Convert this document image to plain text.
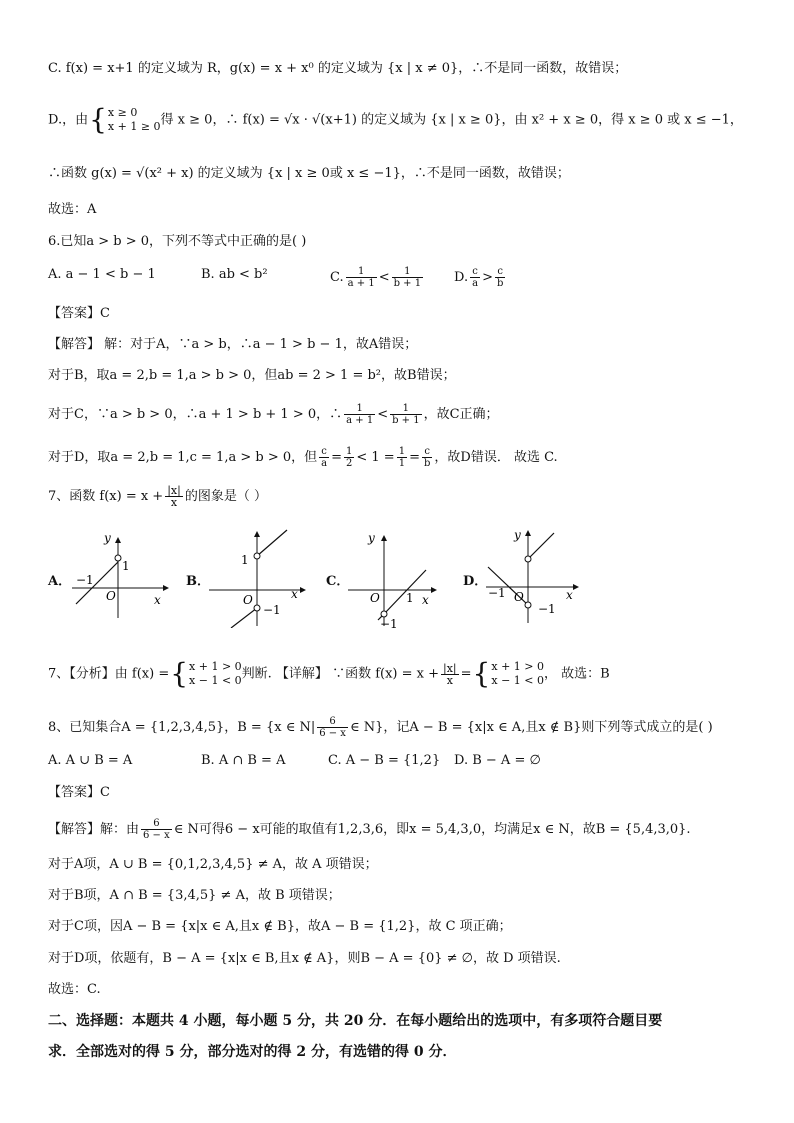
C. f(x) = x+1 的定义域为 R，g(x) = x + x⁰ 的定义域为 {x | x ≠ 0}，∴不是同一函数，故错误；
D.，由{ x ≥ 0
x + 1 ≥ 0 得 x ≥ 0，∴ f(x) = √x · √(x+1) 的定义域为 {x | x ≥ 0}，由 x² + x ≥ 0，得 x ≥ 0 或 x ≤ −1，
∴函数 g(x) = √(x² + x) 的定义域为 {x | x ≥ 0或 x ≤ −1}，∴不是同一函数，故错误；
故选：A
6.已知a > b > 0，下列不等式中正确的是( )
A. a − 1 < b − 1	B. ab < b²	C. $\frac{1}{a + 1} < \frac{1}{b + 1} D$. $\frac{c}{a} > \frac{c}{b}$
【答案】C
【解答】 解：对于A，∵a > b，∴a − 1 > b − 1，故A错误；
对于B，取a = 2,b = 1,a > b > 0，但ab = 2 > 1 = b²，故B错误；
对于C，∵a > b > 0，∴a + 1 > b + 1 > 0，∴ $\frac{1}{a + 1} < \frac{1}{b + 1}$ ，故C正确；
对于D，取a = 2,b = 1,c = 1,a > b > 0，但 $\frac{c}{a} = \frac{1}{2} < 1 = \frac{1}{1} = \frac{c}{b}$ ，故D错误． 故选 C.
7、函数 $f(x) = x + \frac{|x|}{x}$ 的图象是（ ）
A．
y
x
O
1
−1	B．
1
x
O
−1
C．
y
x
O 1
−1
D．
y
x
O
−1
−1
7、【分析】由 f(x) ={ x + 1 > 0
x − 1 < 0 判断. 【详解】 ∵函数 $f(x) = x + \frac{|x|}{x}$ ={ x + 1 > 0
x − 1 < 0 ， 故选：B
8、已知集合A = {1,2,3,4,5}，B = {x ∈ $N| \frac{6}{6 - x}$ ∈ N}，记A − B = {x|x ∈ A,且x ∉ B}则下列等式成立的是( )
A. A ∪ B = A	B. A ∩ B = A	C. A − B = {1,2} D. B − A = ∅
【答案】C
【解答】解：由 $\frac{6}{6 - x}$ ∈ N可得6 − x可能的取值有1,2,3,6，即x = 5,4,3,0，均满足x ∈ N，故B = {5,4,3,0}.
对于A项，A ∪ B = {0,1,2,3,4,5} ≠ A，故 A 项错误；
对于B项，A ∩ B = {3,4,5} ≠ A，故 B 项错误；
对于C项，因A − B = {x|x ∈ A,且x ∉ B}，故A − B = {1,2}，故 C 项正确；
对于D项，依题有，B − A = {x|x ∈ B,且x ∉ A}，则B − A = {0} ≠ ∅，故 D 项错误.
故选：C.
二、选择题：本题共 4 小题，每小题 5 分，共 20 分．在每小题给出的选项中，有多项符合题目要
求．全部选对的得 5 分，部分选对的得 2 分，有选错的得 0 分．
